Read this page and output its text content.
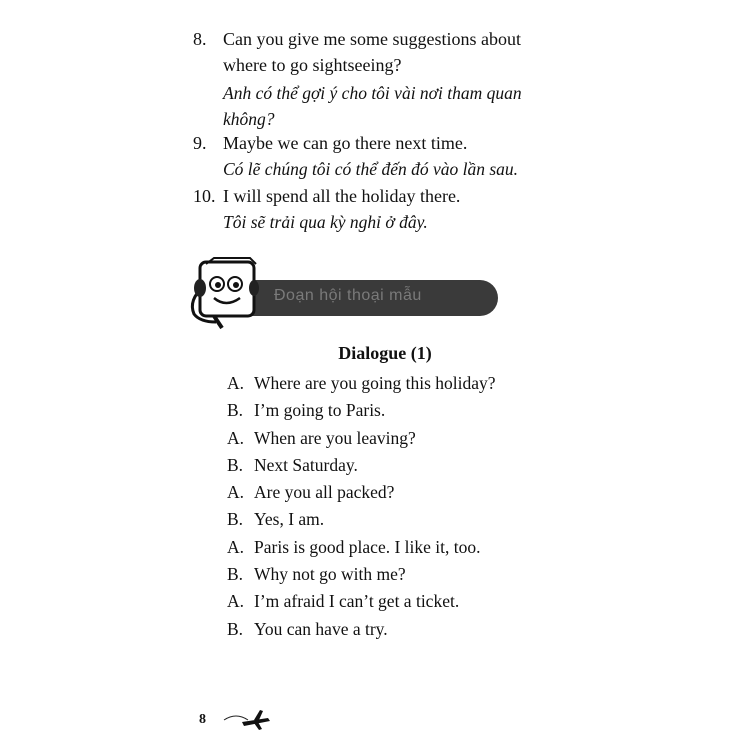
8. Can you give me some suggestions about
where to go sightseeing?
Anh có thể gợi ý cho tôi vài nơi tham quan
không?
9. Maybe we can go there next time.
Có lẽ chúng tôi có thể đến đó vào lần sau.
10. I will spend all the holiday there.
Tôi sẽ trải qua kỳ nghỉ ở đây.
Đoạn hội thoại mẫu
Dialogue (1)
A. Where are you going this holiday?
B. I’m going to Paris.
A. When are you leaving?
B. Next Saturday.
A. Are you all packed?
B. Yes, I am.
A. Paris is good place. I like it, too.
B. Why not go with me?
A. I’m afraid I can’t get a ticket.
B. You can have a try.
8
